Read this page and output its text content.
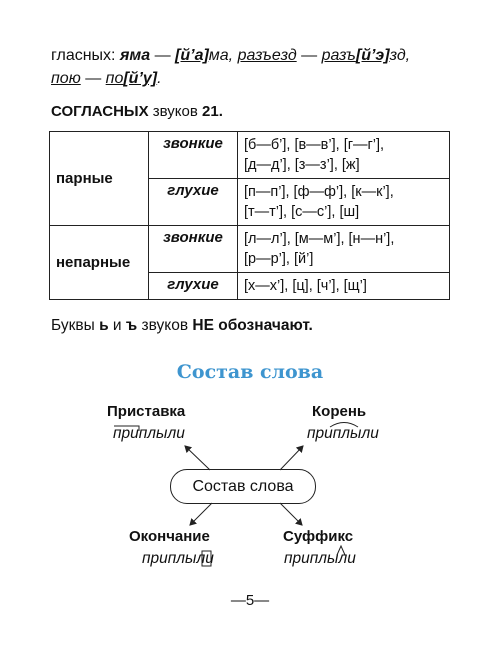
гласных: яма — [й’а]ма, разъезд — разъ[й’э]зд,
пою — по[й’у].
СОГЛАСНЫХ звуков 21.
парные	звонкие	[б—б’], [в—в’], [г—г’],
[д—д’], [з—з’], [ж]

	глухие	[п—п’], [ф—ф’], [к—к’],
[т—т’], [с—с’], [ш]

непарные	звонкие	[л—л’], [м—м’], [н—н’],
[р—р’], [й’]

	глухие	[х—х’], [ц], [ч’], [щ’]
Буквы ь и ъ звуков НЕ обозначают.
Состав слова
Приставка
приплыли
Корень
приплыли
Состав слова
Окончание
приплыли
Суффикс
приплыли
—5—
